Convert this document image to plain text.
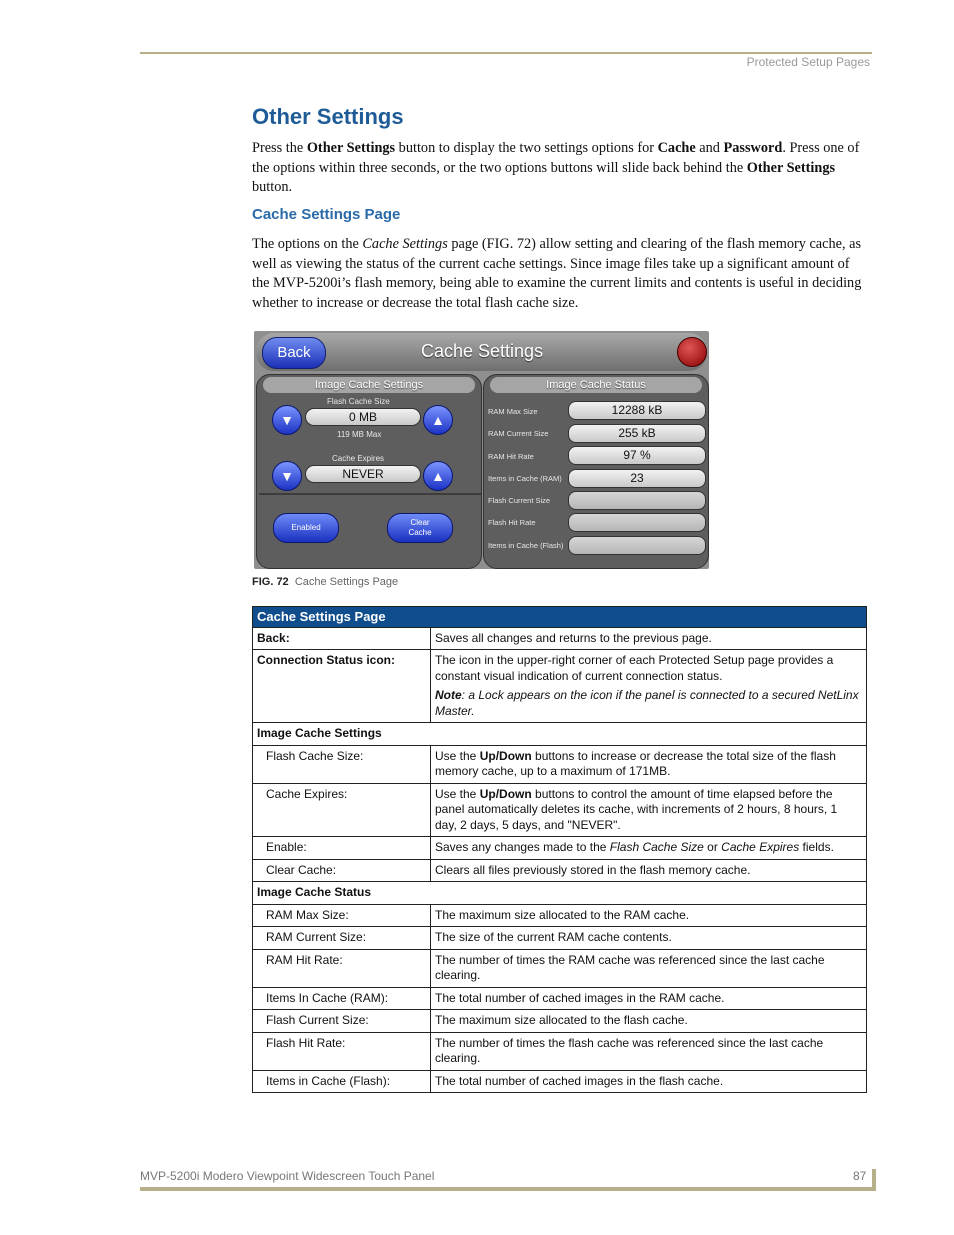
Protected Setup Pages
Other Settings

Press the Other Settings button to display the two settings options for Cache and Password. Press one of the options within three seconds, or the two options buttons will slide back behind the Other Settings button.

Cache Settings Page

The options on the Cache Settings page (FIG. 72) allow setting and clearing of the flash memory cache, as well as viewing the status of the current cache settings. Since image files take up a significant amount of the MVP-5200i’s flash memory, being able to examine the current limits and contents is useful in deciding whether to increase or decrease the total flash cache size.

Back	Cache Settings
Image Cache Settings
Flash Cache Size
▼	0 MB	▲
119 MB Max
Cache Expires
▼	NEVER	▲
Enabled
Clear
Cache
Image Cache Status
RAM Max Size	12288 kB
RAM Current Size	255 kB
RAM Hit Rate	97 %
Items in Cache (RAM)	23
Flash Current Size
Flash Hit Rate
Items in Cache (Flash)
FIG. 72 Cache Settings Page
Cache Settings Page	
Back:	Saves all changes and returns to the previous page.
Connection Status icon:	The icon in the upper-right corner of each Protected Setup page provides a constant visual indication of current connection status.
Note: a Lock appears on the icon if the panel is connected to a secured NetLinx Master.

Image Cache Settings	
Flash Cache Size:	Use the Up/Down buttons to increase or decrease the total size of the flash memory cache, up to a maximum of 171MB.
Cache Expires:	Use the Up/Down buttons to control the amount of time elapsed before the panel automatically deletes its cache, with increments of 2 hours, 8 hours, 1 day, 2 days, 5 days, and "NEVER".
Enable:	Saves any changes made to the Flash Cache Size or Cache Expires fields.
Clear Cache:	Clears all files previously stored in the flash memory cache.
Image Cache Status	
RAM Max Size:	The maximum size allocated to the RAM cache.
RAM Current Size:	The size of the current RAM cache contents.
RAM Hit Rate:	The number of times the RAM cache was referenced since the last cache clearing.
Items In Cache (RAM):	The total number of cached images in the RAM cache.
Flash Current Size:	The maximum size allocated to the flash cache.
Flash Hit Rate:	The number of times the flash cache was referenced since the last cache clearing.
Items in Cache (Flash):	The total number of cached images in the flash cache.
MVP-5200i Modero Viewpoint Widescreen Touch Panel	87
